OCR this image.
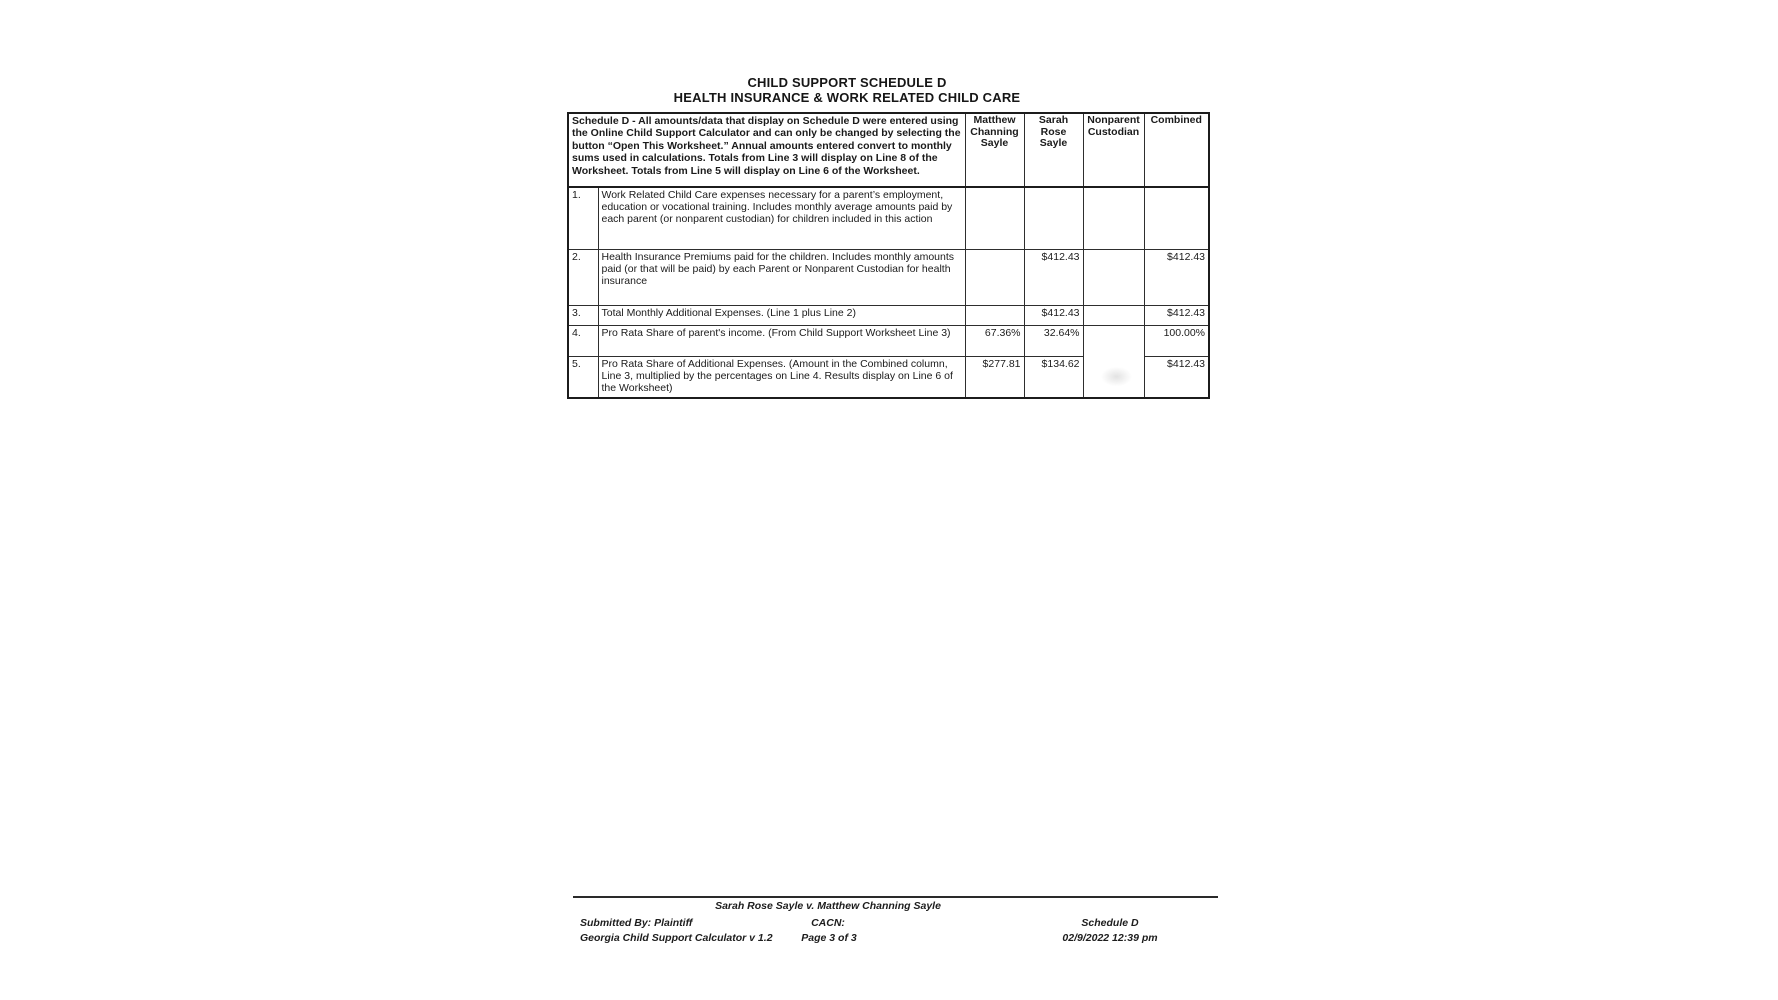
CHILD SUPPORT SCHEDULE D
HEALTH INSURANCE & WORK RELATED CHILD CARE
Schedule D - All amounts/data that display on Schedule D were entered using the Online Child Support Calculator and can only be changed by selecting the button “Open This Worksheet.” Annual amounts entered convert to monthly sums used in calculations. Totals from Line 3 will display on Line 8 of the Worksheet. Totals from Line 5 will display on Line 6 of the Worksheet.		Matthew Channing Sayle	Sarah Rose Sayle	Nonparent Custodian	Combined
1.	Work Related Child Care expenses necessary for a parent’s employment, education or vocational training. Includes monthly average amounts paid by each parent (or nonparent custodian) for children included in this action				
2.	Health Insurance Premiums paid for the children. Includes monthly amounts paid (or that will be paid) by each Parent or Nonparent Custodian for health insurance		$412.43		$412.43
3.	Total Monthly Additional Expenses. (Line 1 plus Line 2)		$412.43		$412.43
4.	Pro Rata Share of parent's income. (From Child Support Worksheet Line 3)	67.36%	32.64%		100.00%
5.	Pro Rata Share of Additional Expenses. (Amount in the Combined column, Line 3, multiplied by the percentages on Line 4. Results display on Line 6 of the Worksheet)	$277.81	$134.62		$412.43
Sarah Rose Sayle v. Matthew Channing Sayle
Submitted By: Plaintiff
Georgia Child Support Calculator v 1.2
CACN:
Page 3 of 3
Schedule D
02/9/2022 12:39 pm
